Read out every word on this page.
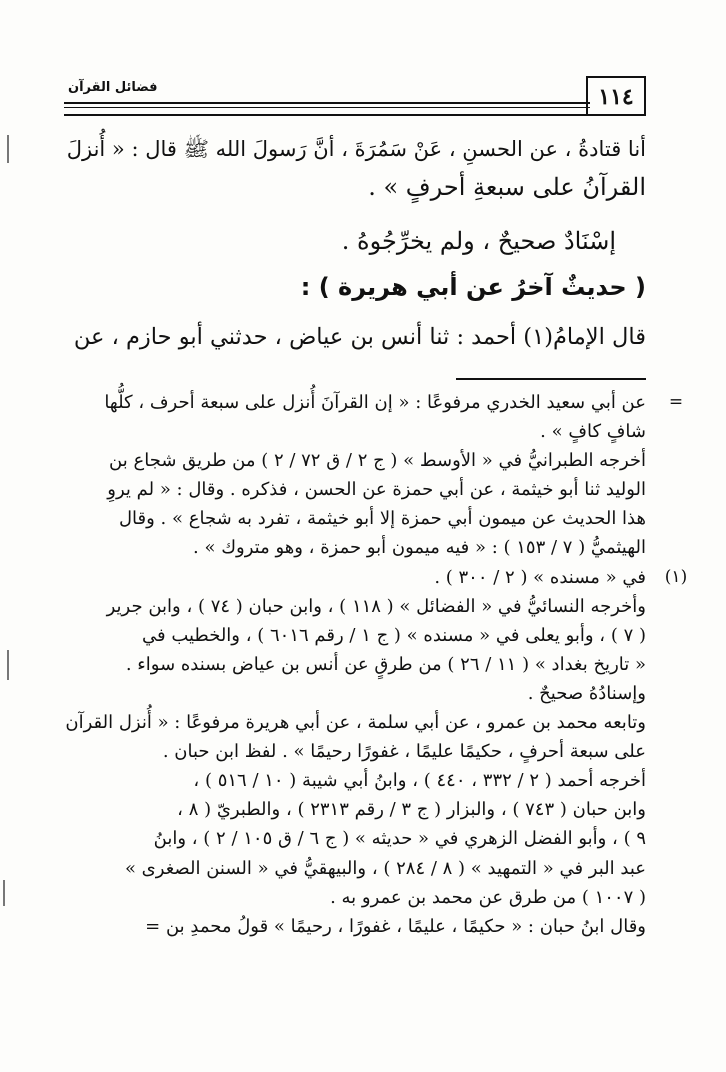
فضائل القرآن	١١٤

أنا قتادةُ ، عن الحسنِ ، عَنْ سَمُرَةَ ، أنَّ رَسولَ الله ﷺ قال : « أُنزلَ

القرآنُ على سبعةِ أحرفٍ » .

إسْنَادٌ صحيحٌ ، ولم يخرِّجُوهُ .

( حديثٌ آخرُ عن أبي هريرة ) :

قال الإمامُ(١) أحمد : ثنا أنس بن عياض ، حدثني أبو حازم ، عن

=
عن أبي سعيد الخدري مرفوعًا : « إن القرآنَ أُنزل على سبعة أحرف ، كلُّها
شافٍ كافٍ » .
أخرجه الطبرانيُّ في « الأوسط » ( ج ٢ / ق ٧٢ / ٢ ) من طريق شجاع بن
الوليد ثنا أبو خيثمة ، عن أبي حمزة عن الحسن ، فذكره . وقال : « لم يروِ
هذا الحديث عن ميمون أبي حمزة إلا أبو خيثمة ، تفرد به شجاع » . وقال
الهيثميُّ ( ٧ / ١٥٣ ) : « فيه ميمون أبو حمزة ، وهو متروك » .
(١)
في « مسنده » ( ٢ / ٣٠٠ ) .
وأخرجه النسائيُّ في « الفضائل » ( ١١٨ ) ، وابن حبان ( ٧٤ ) ، وابن جرير
( ٧ ) ، وأبو يعلى في « مسنده » ( ج ١ / رقم ٦٠١٦ ) ، والخطيب في
« تاريخ بغداد » ( ١١ / ٢٦ ) من طرقٍ عن أنس بن عياض بسنده سواء .
وإسنادُهُ صحيحٌ .
وتابعه محمد بن عمرو ، عن أبي سلمة ، عن أبي هريرة مرفوعًا : « أُنزل القرآن
على سبعة أحرفٍ ، حكيمًا عليمًا ، غفورًا رحيمًا » . لفظ ابن حبان .
أخرجه أحمد ( ٢ / ٣٣٢ ، ٤٤٠ ) ، وابنُ أبي شيبة ( ١٠ / ٥١٦ ) ،
وابن حبان ( ٧٤٣ ) ، والبزار ( ج ٣ / رقم ٢٣١٣ ) ، والطبريّ ( ٨ ،
٩ ) ، وأبو الفضل الزهري في « حديثه » ( ج ٦ / ق ١٠٥ / ٢ ) ، وابنُ
عبد البر في « التمهيد » ( ٨ / ٢٨٤ ) ، والبيهقيُّ في « السنن الصغرى »
( ١٠٠٧ ) من طرق عن محمد بن عمرو به .
وقال ابنُ حبان : « حكيمًا ، عليمًا ، غفورًا ، رحيمًا » قولُ محمدِ بن =
